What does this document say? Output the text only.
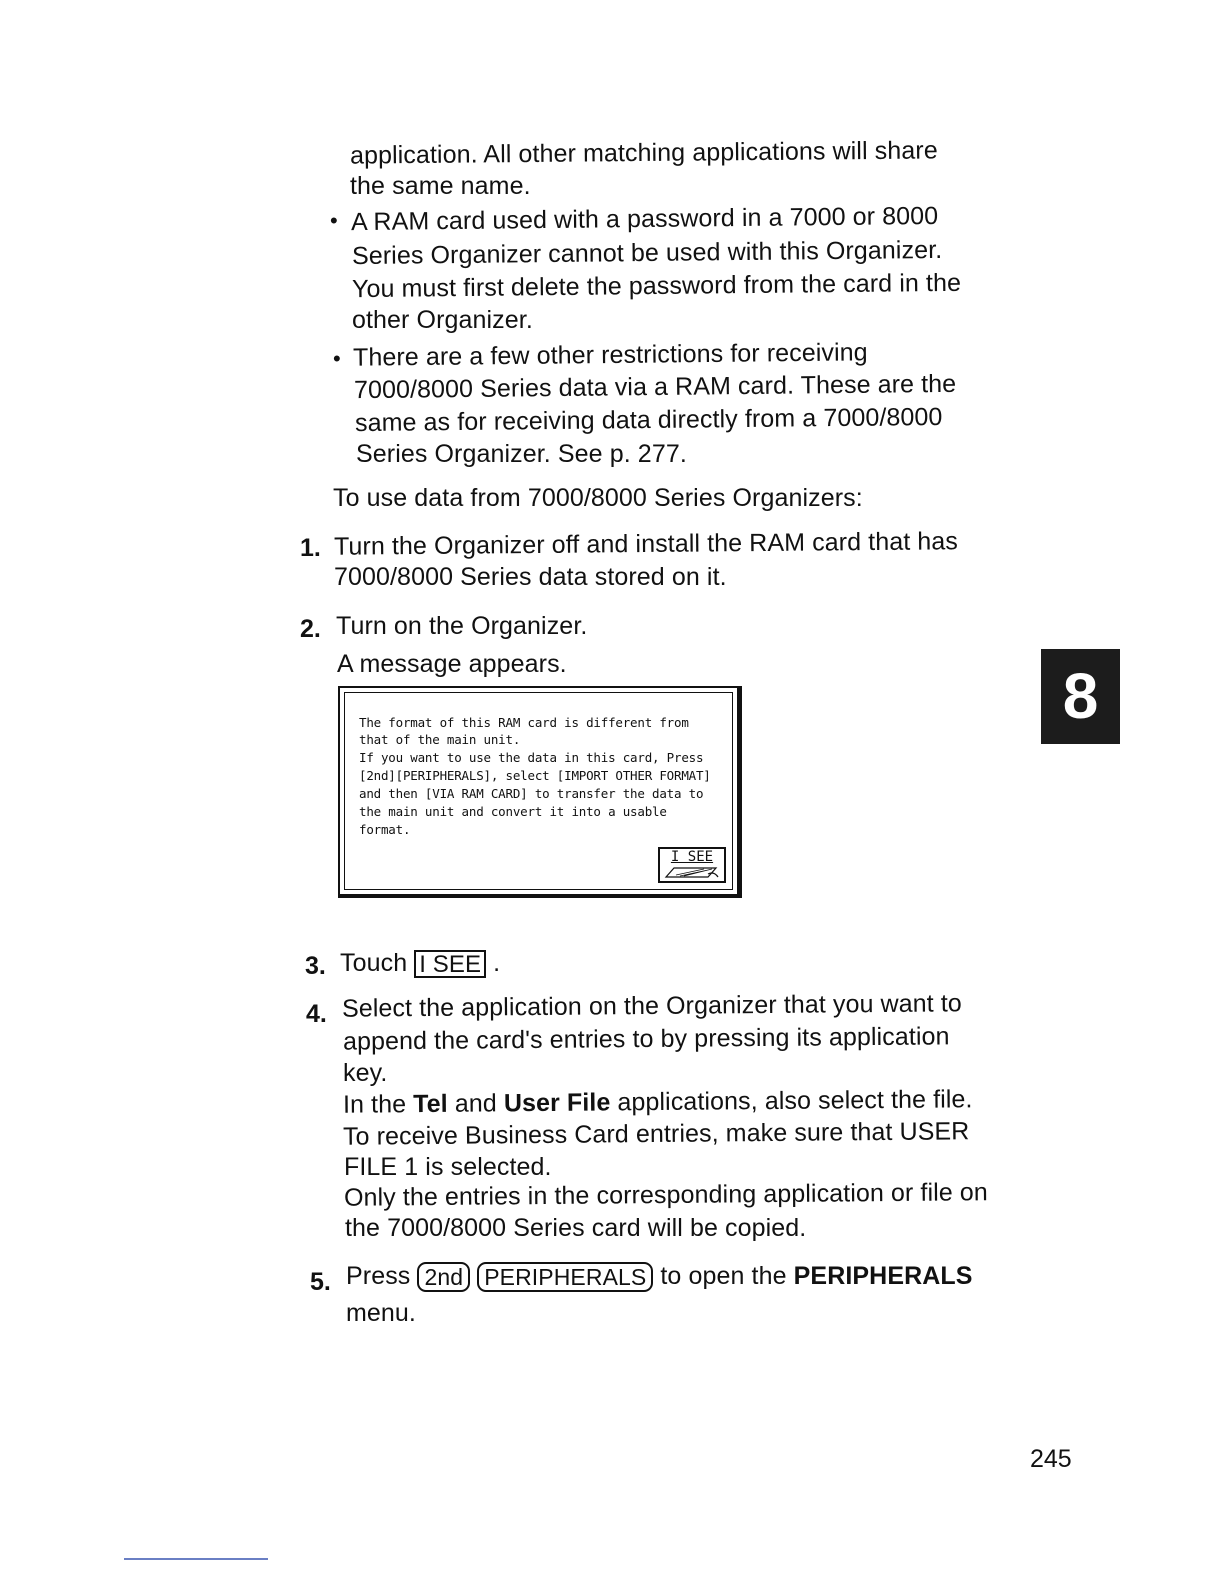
application. All other matching applications will share
the same name.
• A RAM card used with a password in a 7000 or 8000
Series Organizer cannot be used with this Organizer.
You must first delete the password from the card in the
other Organizer.
• There are a few other restrictions for receiving
7000/8000 Series data via a RAM card. These are the
same as for receiving data directly from a 7000/8000
Series Organizer. See p. 277.
To use data from 7000/8000 Series Organizers:
1. Turn the Organizer off and install the RAM card that has
7000/8000 Series data stored on it.
2. Turn on the Organizer.
A message appears.
The format of this RAM card is different from
that of the main unit.
If you want to use the data in this card, Press
[2nd][PERIPHERALS], select [IMPORT OTHER FORMAT]
and then [VIA RAM CARD] to transfer the data to
the main unit and convert it into a usable
format.
I SEE
3. Touch I SEE .
4. Select the application on the Organizer that you want to
append the card's entries to by pressing its application
key.
In the Tel and User File applications, also select the file.
To receive Business Card entries, make sure that USER
FILE 1 is selected.
Only the entries in the corresponding application or file on
the 7000/8000 Series card will be copied.
5. Press 2nd PERIPHERALS to open the PERIPHERALS
menu.
8
245
